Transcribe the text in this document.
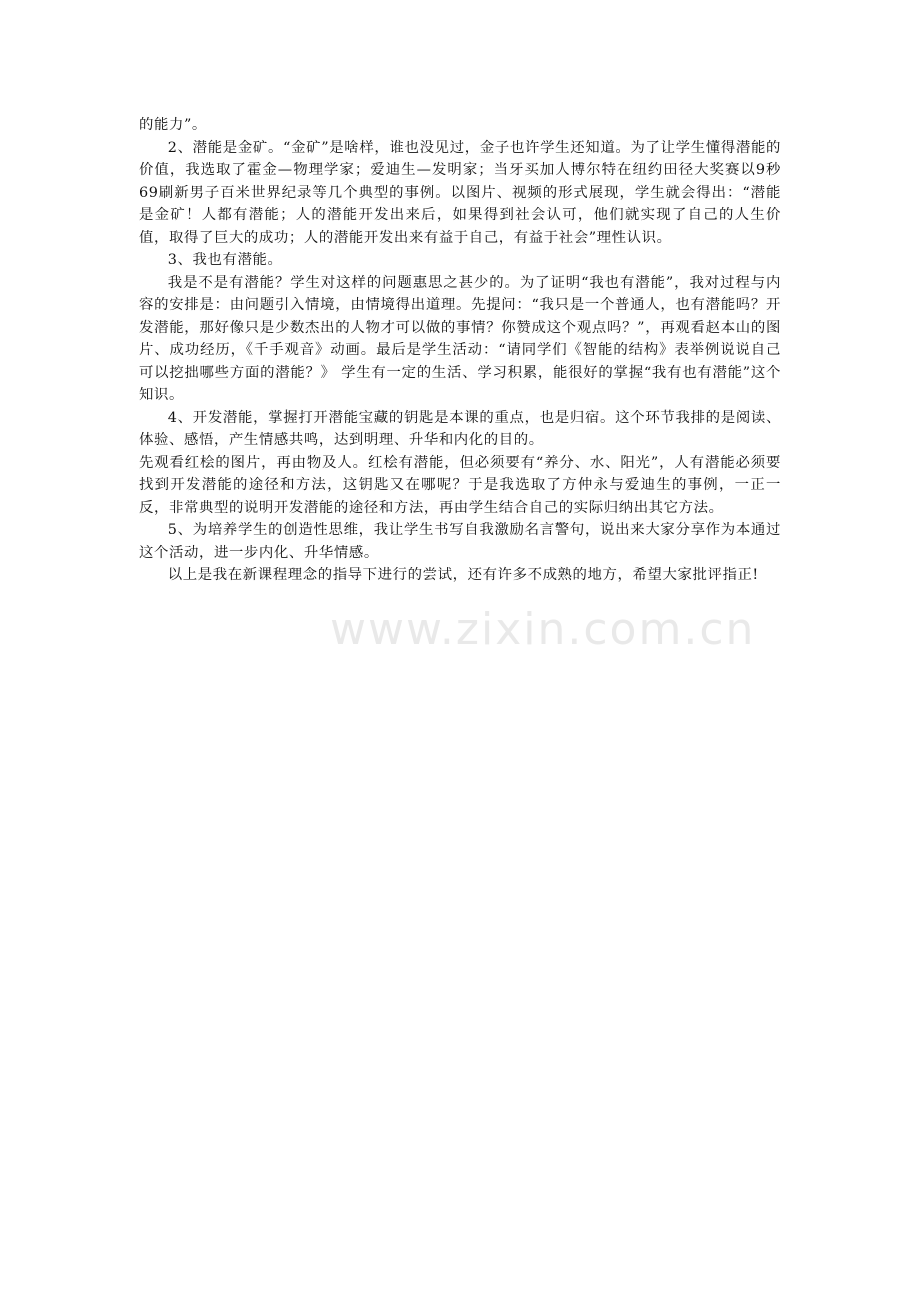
的能力”。

2、潜能是金矿。“金矿”是啥样，谁也没见过，金子也许学生还知道。为了让学生懂得潜能的价值，我选取了霍金—物理学家；爱迪生—发明家；当牙买加人博尔特在纽约田径大奖赛以9秒69刷新男子百米世界纪录等几个典型的事例。以图片、视频的形式展现，学生就会得出：“潜能是金矿！人都有潜能；人的潜能开发出来后，如果得到社会认可，他们就实现了自己的人生价值，取得了巨大的成功；人的潜能开发出来有益于自己，有益于社会”理性认识。

3、我也有潜能。

我是不是有潜能？学生对这样的问题惠思之甚少的。为了证明“我也有潜能”，我对过程与内容的安排是：由问题引入情境，由情境得出道理。先提问：“我只是一个普通人，也有潜能吗？开发潜能，那好像只是少数杰出的人物才可以做的事情？你赞成这个观点吗？”，再观看赵本山的图片、成功经历，《千手观音》动画。最后是学生活动：“请同学们《智能的结构》表举例说说自己可以挖拙哪些方面的潜能？》 学生有一定的生活、学习积累，能很好的掌握“我有也有潜能”这个知识。

4、开发潜能，掌握打开潜能宝藏的钥匙是本课的重点，也是归宿。这个环节我排的是阅读、体验、感悟，产生情感共鸣，达到明理、升华和内化的目的。

先观看红桧的图片，再由物及人。红桧有潜能，但必须要有“养分、水、阳光”，人有潜能必须要找到开发潜能的途径和方法，这钥匙又在哪呢？于是我选取了方仲永与爱迪生的事例，一正一反，非常典型的说明开发潜能的途径和方法，再由学生结合自己的实际归纳出其它方法。

5、为培养学生的创造性思维，我让学生书写自我激励名言警句，说出来大家分享作为本通过这个活动，进一步内化、升华情感。

以上是我在新课程理念的指导下进行的尝试，还有许多不成熟的地方，希望大家批评指正!

www.zixin.com.cn
